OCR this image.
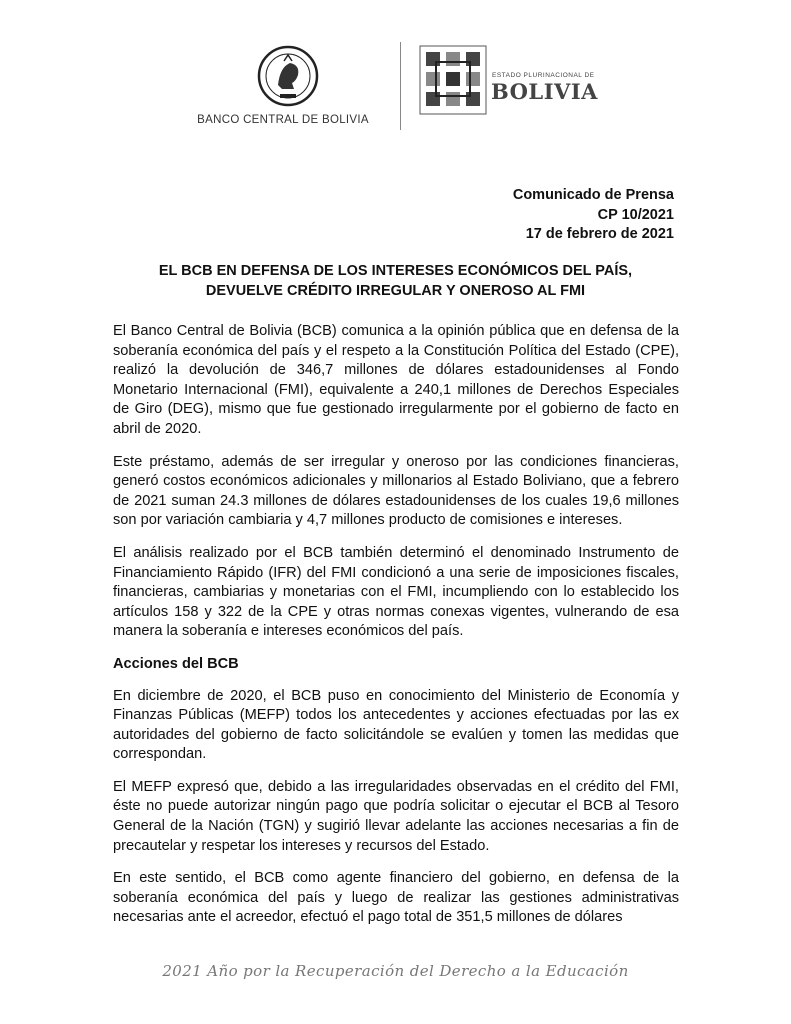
BANCO CENTRAL DE BOLIVIA
ESTADO PLURINACIONAL DE
BOLIVIA
Comunicado de Prensa
CP 10/2021
17 de febrero de 2021
EL BCB EN DEFENSA DE LOS INTERESES ECONÓMICOS DEL PAÍS,
DEVUELVE CRÉDITO IRREGULAR Y ONEROSO AL FMI

El Banco Central de Bolivia (BCB) comunica a la opinión pública que en defensa de la soberanía económica del país y el respeto a la Constitución Política del Estado (CPE), realizó la devolución de 346,7 millones de dólares estadounidenses al Fondo Monetario Internacional (FMI), equivalente a 240,1 millones de Derechos Especiales de Giro (DEG), mismo que fue gestionado irregularmente por el gobierno de facto en abril de 2020.

Este préstamo, además de ser irregular y oneroso por las condiciones financieras, generó costos económicos adicionales y millonarios al Estado Boliviano, que a febrero de 2021 suman 24.3 millones de dólares estadounidenses de los cuales 19,6 millones son por variación cambiaria y 4,7 millones producto de comisiones e intereses.

El análisis realizado por el BCB también determinó el denominado Instrumento de Financiamiento Rápido (IFR) del FMI condicionó a una serie de imposiciones fiscales, financieras, cambiarias y monetarias con el FMI, incumpliendo con lo establecido los artículos 158 y 322 de la CPE y otras normas conexas vigentes, vulnerando de esa manera la soberanía e intereses económicos del país.

Acciones del BCB

En diciembre de 2020, el BCB puso en conocimiento del Ministerio de Economía y Finanzas Públicas (MEFP) todos los antecedentes y acciones efectuadas por las ex autoridades del gobierno de facto solicitándole se evalúen y tomen las medidas que correspondan.

El MEFP expresó que, debido a las irregularidades observadas en el crédito del FMI, éste no puede autorizar ningún pago que podría solicitar o ejecutar el BCB al Tesoro General de la Nación (TGN) y sugirió llevar adelante las acciones necesarias a fin de precautelar y respetar los intereses y recursos del Estado.

En este sentido, el BCB como agente financiero del gobierno, en defensa de la soberanía económica del país y luego de realizar las gestiones administrativas necesarias ante el acreedor, efectuó el pago total de 351,5 millones de dólares

2021 Año por la Recuperación del Derecho a la Educación
